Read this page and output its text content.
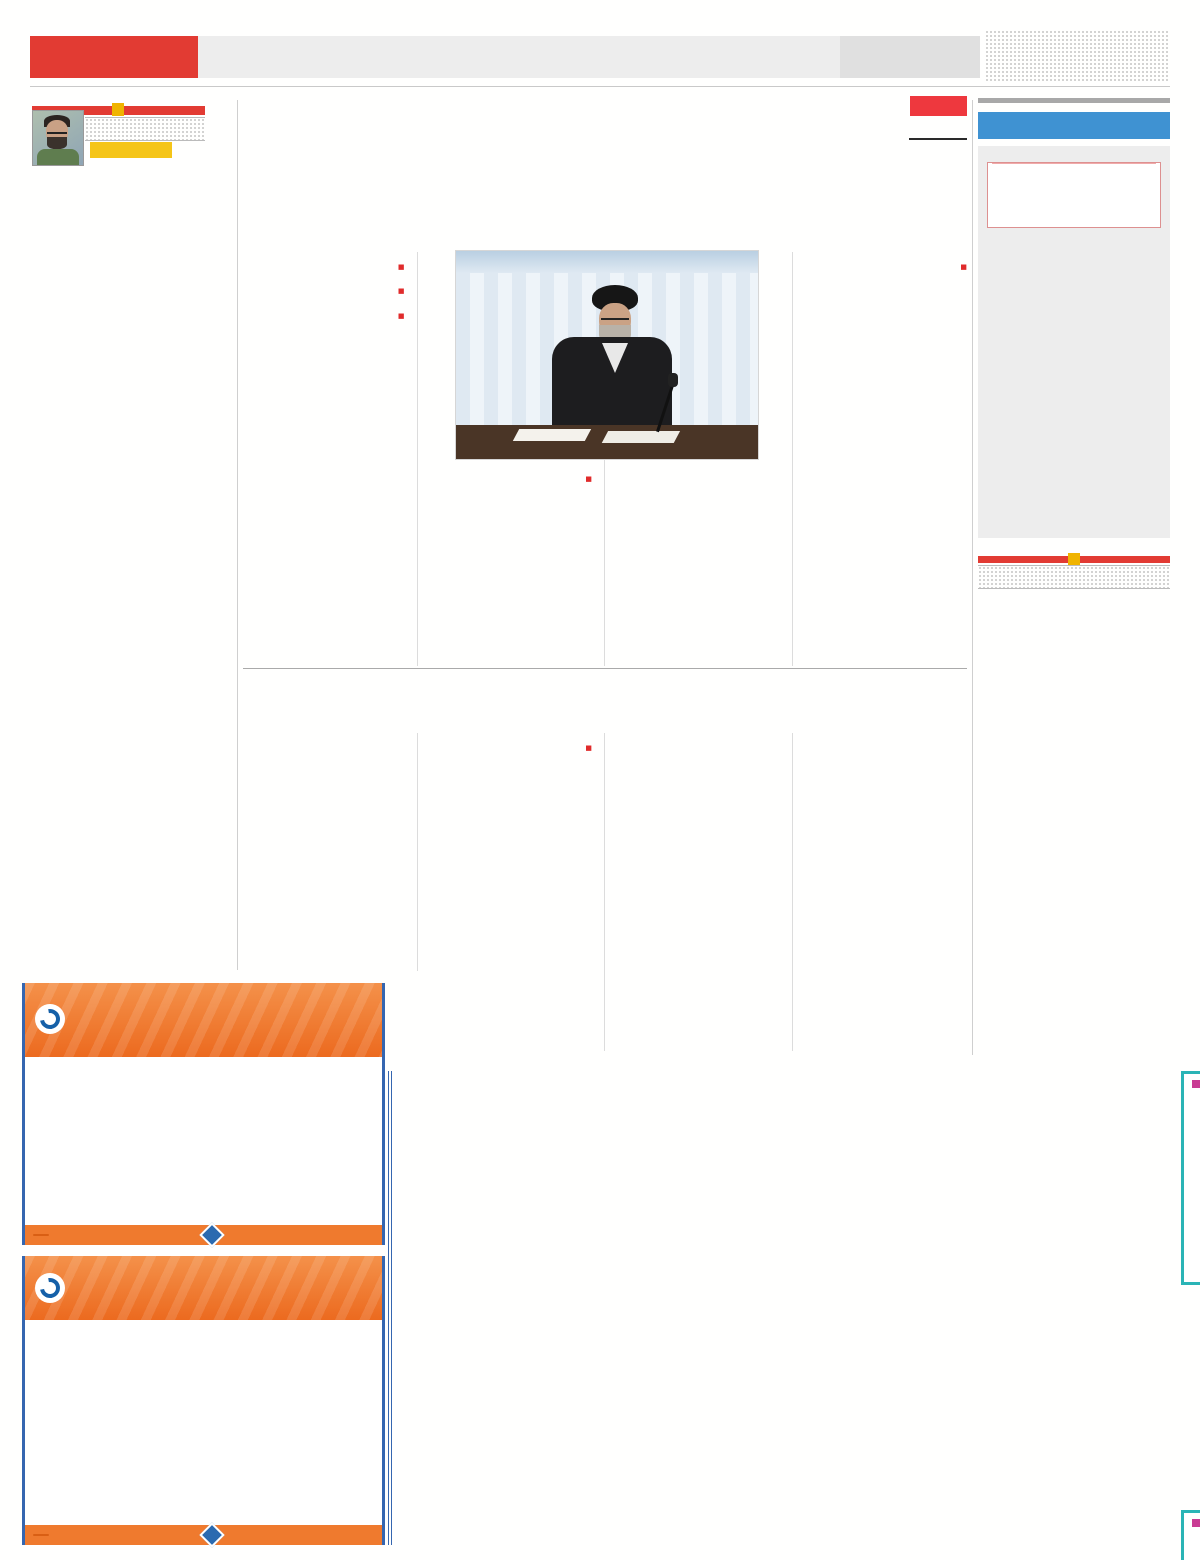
■

■

■

■

■

■
